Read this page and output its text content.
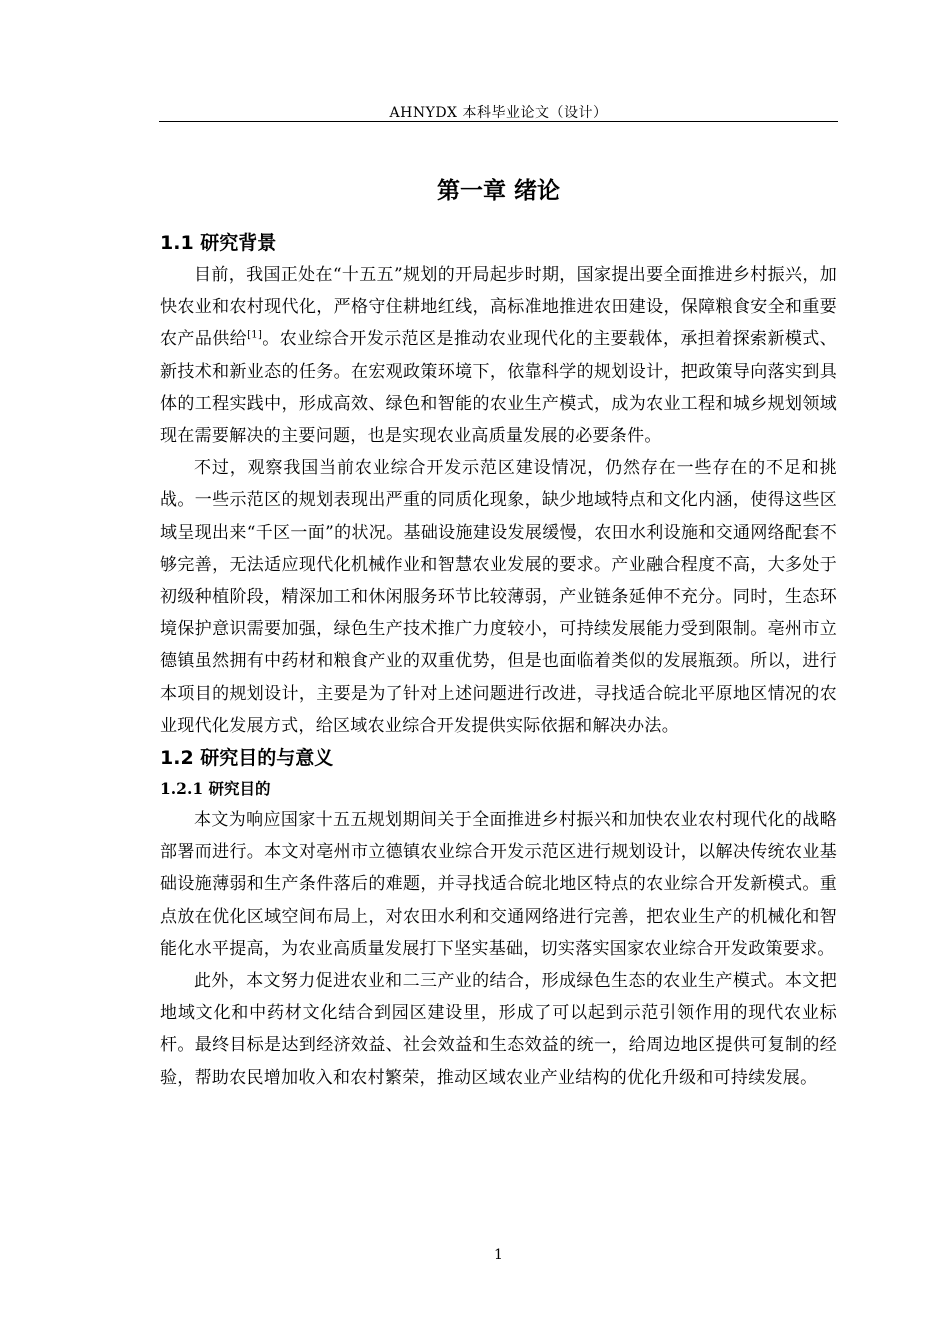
AHNYDX 本科毕业论文（设计）
第一章 绪论
1.1 研究背景

目前，我国正处在“十五五”规划的开局起步时期，国家提出要全面推进乡村振兴，加快农业和农村现代化，严格守住耕地红线，高标准地推进农田建设，保障粮食安全和重要农产品供给[1]。农业综合开发示范区是推动农业现代化的主要载体，承担着探索新模式、新技术和新业态的任务。在宏观政策环境下，依靠科学的规划设计，把政策导向落实到具体的工程实践中，形成高效、绿色和智能的农业生产模式，成为农业工程和城乡规划领域现在需要解决的主要问题，也是实现农业高质量发展的必要条件。

不过，观察我国当前农业综合开发示范区建设情况，仍然存在一些存在的不足和挑战。一些示范区的规划表现出严重的同质化现象，缺少地域特点和文化内涵，使得这些区域呈现出来“千区一面”的状况。基础设施建设发展缓慢，农田水利设施和交通网络配套不够完善，无法适应现代化机械作业和智慧农业发展的要求。产业融合程度不高，大多处于初级种植阶段，精深加工和休闲服务环节比较薄弱，产业链条延伸不充分。同时，生态环境保护意识需要加强，绿色生产技术推广力度较小，可持续发展能力受到限制。亳州市立德镇虽然拥有中药材和粮食产业的双重优势，但是也面临着类似的发展瓶颈。所以，进行本项目的规划设计，主要是为了针对上述问题进行改进，寻找适合皖北平原地区情况的农业现代化发展方式，给区域农业综合开发提供实际依据和解决办法。

1.2 研究目的与意义
1.2.1 研究目的

本文为响应国家十五五规划期间关于全面推进乡村振兴和加快农业农村现代化的战略部署而进行。本文对亳州市立德镇农业综合开发示范区进行规划设计，以解决传统农业基础设施薄弱和生产条件落后的难题，并寻找适合皖北地区特点的农业综合开发新模式。重点放在优化区域空间布局上，对农田水利和交通网络进行完善，把农业生产的机械化和智能化水平提高，为农业高质量发展打下坚实基础，切实落实国家农业综合开发政策要求。

此外，本文努力促进农业和二三产业的结合，形成绿色生态的农业生产模式。本文把地域文化和中药材文化结合到园区建设里，形成了可以起到示范引领作用的现代农业标杆。最终目标是达到经济效益、社会效益和生态效益的统一，给周边地区提供可复制的经验，帮助农民增加收入和农村繁荣，推动区域农业产业结构的优化升级和可持续发展。

1
